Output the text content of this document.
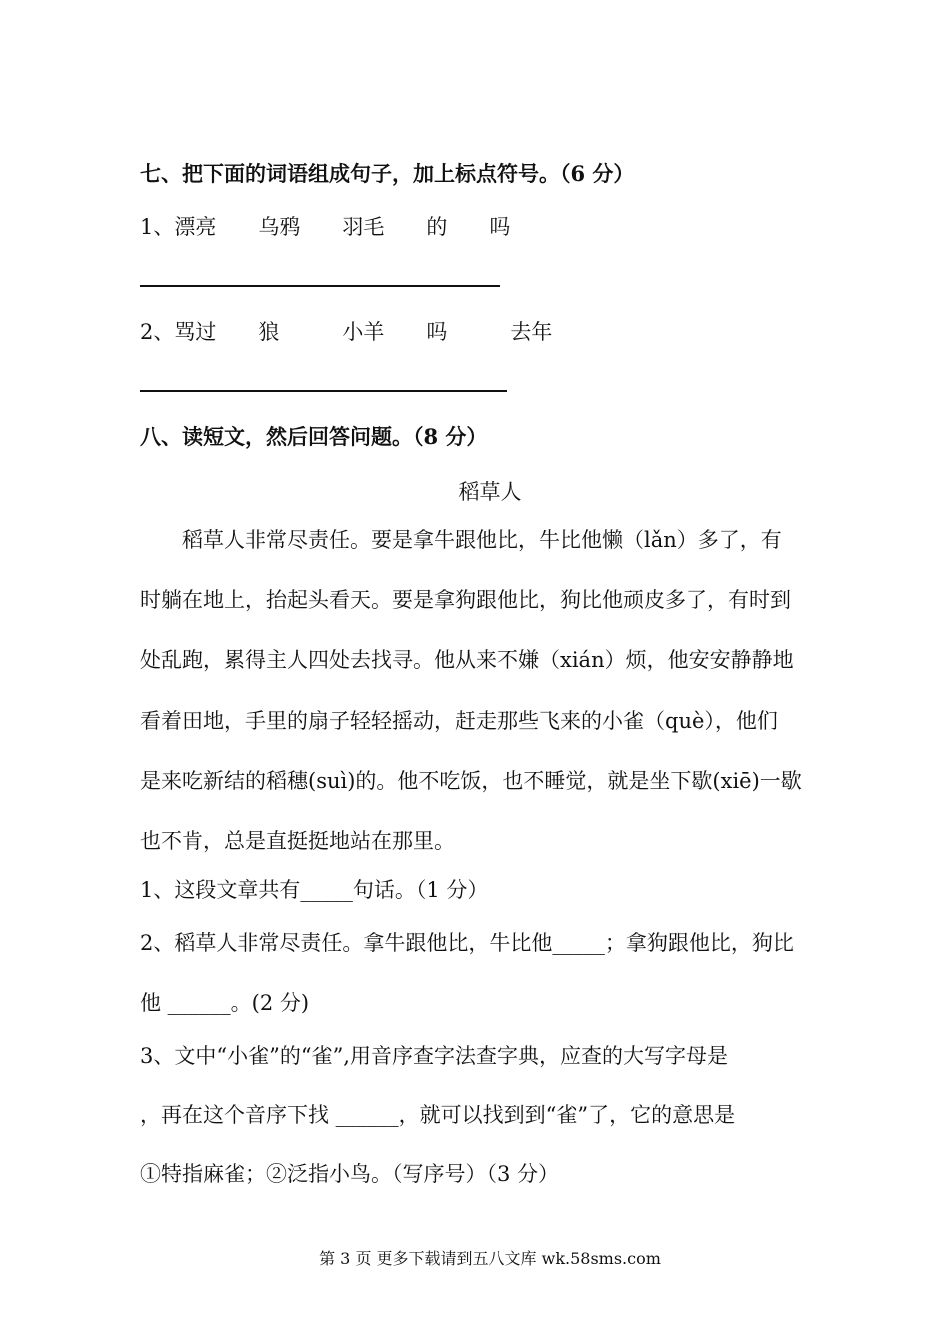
七、把下面的词语组成句子，加上标点符号。（6 分）
1、漂亮　　乌鸦　　羽毛　　的　　吗
2、骂过　　狼　　　小羊　　吗　　　去年
八、读短文，然后回答问题。（8 分）
稻草人
　　稻草人非常尽责任。要是拿牛跟他比，牛比他懒（lǎn）多了，有
时躺在地上，抬起头看天。要是拿狗跟他比，狗比他顽皮多了，有时到
处乱跑，累得主人四处去找寻。他从来不嫌（xián）烦，他安安静静地
看着田地，手里的扇子轻轻摇动，赶走那些飞来的小雀（què），他们
是来吃新结的稻穗(suì)的。他不吃饭，也不睡觉，就是坐下歇(xiē)一歇
也不肯，总是直挺挺地站在那里。
1、这段文章共有_____句话。（1 分）
2、稻草人非常尽责任。拿牛跟他比，牛比他_____；拿狗跟他比，狗比
他 ______。(2 分)
3、文中“小雀”的“雀”,用音序查字法查字典，应查的大写字母是
，再在这个音序下找 ______，就可以找到到“雀”了，它的意思是
①特指麻雀；②泛指小鸟。（写序号）（3 分）
第 3 页 更多下载请到五八文库 wk.58sms.com
